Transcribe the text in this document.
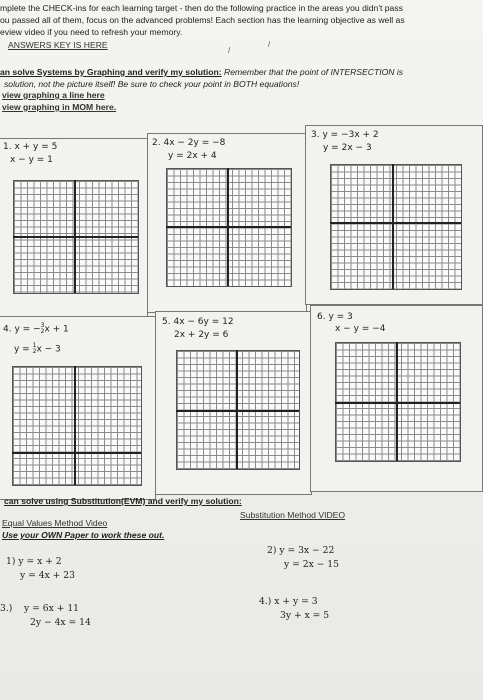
mplete the CHECK-ins for each learning target - then do the following practice in the areas you didn't pass
ou passed all of them, focus on the advanced problems! Each section has the learning objective as well as
eview video if you need to refresh your memory.
ANSWERS KEY IS HERE
/
/
an solve Systems by Graphing and verify my solution: Remember that the point of INTERSECTION is
solution, not the picture itself! Be sure to check your point in BOTH equations!
view graphing a line here
view graphing in MOM here.
1. x + y = 5
x − y = 1
2. 4x − 2y = −8
y = 2x + 4
3. y = −3x + 2
y = 2x − 3
4. y = −3
2x + 1
y = 1
2x − 3
5. 4x − 6y = 12
2x + 2y = 6
6. y = 3
x − y = −4
can solve using Substitution(EVM) and verify my solution:
Equal Values Method Video
Substitution Method VIDEO
Use your OWN Paper to work these out.
1) y = x + 2
y = 4x + 23
2) y = 3x − 22
y = 2x − 15
3.) y = 6x + 11
2y − 4x = 14
4.) x + y = 3
3y + x = 5
